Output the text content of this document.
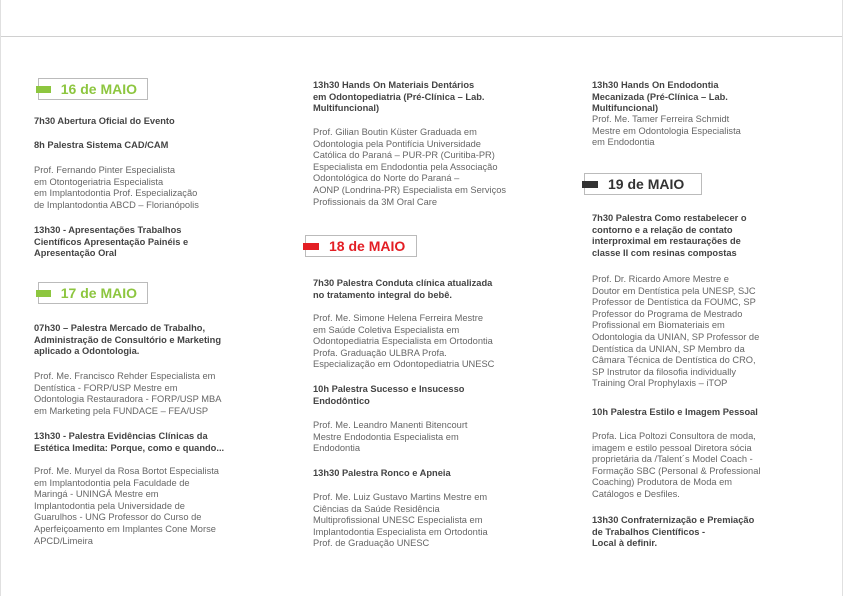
16 de MAIO
7h30 Abertura Oficial do Evento
8h Palestra Sistema CAD/CAM
Prof. Fernando Pinter Especialista
em Otontogeriatria Especialista
em Implantodontia Prof. Especialização
de Implantodontia ABCD – Florianópolis
13h30 - Apresentações Trabalhos
Científicos Apresentação Painéis e
Apresentação Oral
17 de MAIO
07h30 – Palestra Mercado de Trabalho,
Administração de Consultório e Marketing
aplicado a Odontologia.
Prof. Me. Francisco Rehder Especialista em
Dentística - FORP/USP Mestre em
Odontologia Restauradora - FORP/USP MBA
em Marketing pela FUNDACE – FEA/USP
13h30 - Palestra Evidências Clínicas da
Estética Imedita: Porque, como e quando...
Prof. Me. Muryel da Rosa Bortot Especialista
em Implantodontia pela Faculdade de
Maringá - UNINGÁ Mestre em
Implantodontia pela Universidade de
Guarulhos - UNG Professor do Curso de
Aperfeiçoamento em Implantes Cone Morse
APCD/Limeira
13h30 Hands On Materiais Dentários
em Odontopediatria (Pré-Clínica – Lab.
Multifuncional)
Prof. Gilian Boutin Küster Graduada em
Odontologia pela Pontifícia Universidade
Católica do Paraná – PUR-PR (Curitiba-PR)
Especialista em Endodontia pela Associação
Odontológica do Norte do Paraná –
AONP (Londrina-PR) Especialista em Serviços
Profissionais da 3M Oral Care
18 de MAIO
7h30 Palestra Conduta clínica atualizada
no tratamento integral do bebê.
Prof. Me. Simone Helena Ferreira Mestre
em Saúde Coletiva Especialista em
Odontopediatria Especialista em Ortodontia
Profa. Graduação ULBRA Profa.
Especialização em Odontopediatria UNESC
10h Palestra Sucesso e Insucesso
Endodôntico
Prof. Me. Leandro Manenti Bitencourt
Mestre Endodontia Especialista em
Endodontia
13h30 Palestra Ronco e Apneia
Prof. Me. Luiz Gustavo Martins Mestre em
Ciências da Saúde Residência
Multiprofissional UNESC Especialista em
Implantodontia Especialista em Ortodontia
Prof. de Graduação UNESC
13h30 Hands On Endodontia
Mecanizada (Pré-Clínica – Lab.
Multifuncional)
Prof. Me. Tamer Ferreira Schmidt
Mestre em Odontologia Especialista
em Endodontia
19 de MAIO
7h30 Palestra Como restabelecer o
contorno e a relação de contato
interproximal em restaurações de
classe II com resinas compostas
Prof. Dr. Ricardo Amore Mestre e
Doutor em Dentística pela UNESP, SJC
Professor de Dentística da FOUMC, SP
Professor do Programa de Mestrado
Profissional em Biomateriais em
Odontologia da UNIAN, SP Professor de
Dentística da UNIAN, SP Membro da
Câmara Técnica de Dentística do CRO,
SP Instrutor da filosofia individually
Training Oral Prophylaxis – iTOP
10h Palestra Estilo e Imagem Pessoal
Profa. Lica Poltozi Consultora de moda,
imagem e estilo pessoal Diretora sócia
proprietária da /Talent´s Model Coach -
Formação SBC (Personal & Professional
Coaching) Produtora de Moda em
Catálogos e Desfiles.
13h30 Confraternização e Premiação
de Trabalhos Científicos -
Local à definir.
